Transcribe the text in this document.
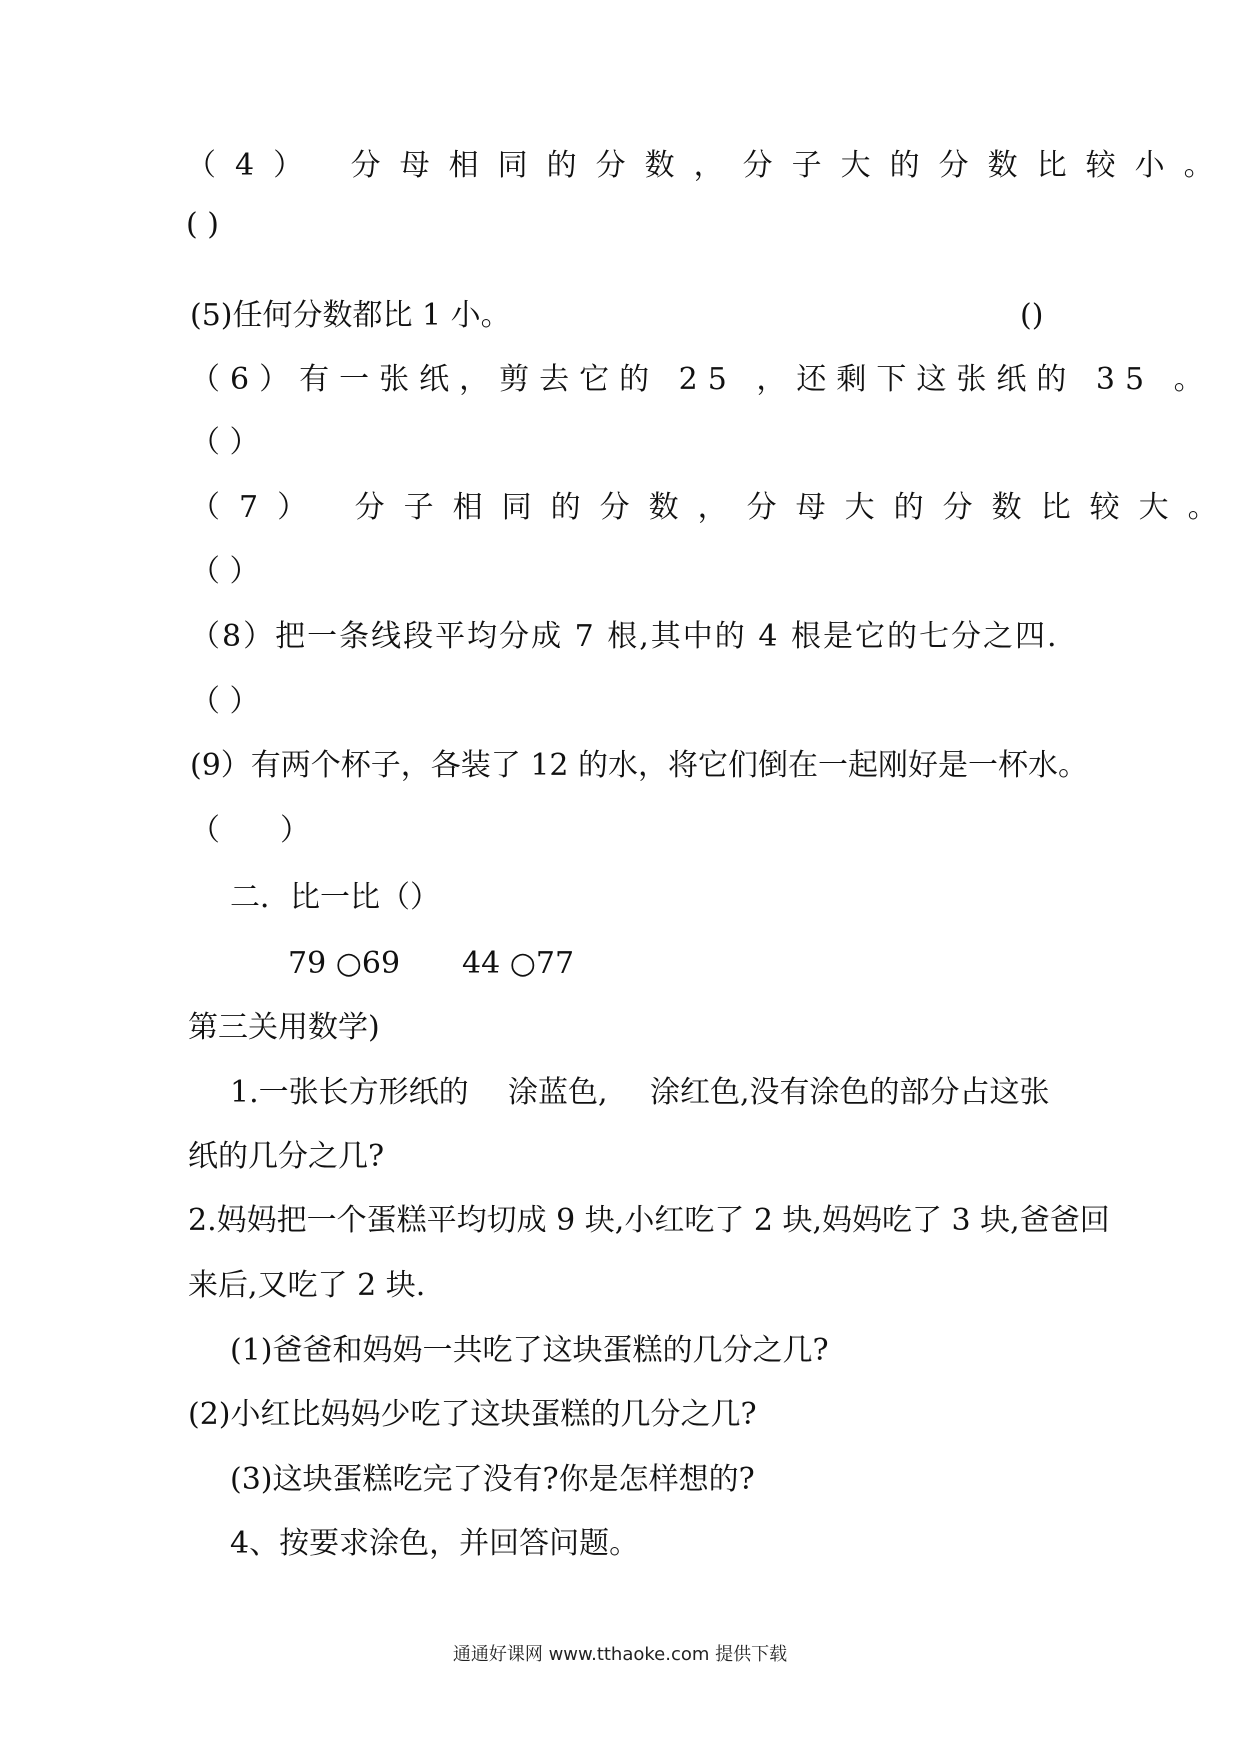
（4） 分母相同的分数，分子大的分数比较小。
( )
(5)任何分数都比 1 小。	()
（6）有一张纸，剪去它的 25 ，还剩下这张纸的 35 。
（ ）
（7） 分子相同的分数，分母大的分数比较大。
（ ）
（8）把一条线段平均分成 7 根,其中的 4 根是它的七分之四.
（ ）
(9）有两个杯子，各装了 12 的水，将它们倒在一起刚好是一杯水。
（　　）
二．比一比（）
79 ○69 44 ○77
第三关用数学)
1.一张长方形纸的 涂蓝色, 涂红色,没有涂色的部分占这张
纸的几分之几?
2.妈妈把一个蛋糕平均切成 9 块,小红吃了 2 块,妈妈吃了 3 块,爸爸回
来后,又吃了 2 块.
(1)爸爸和妈妈一共吃了这块蛋糕的几分之几?
(2)小红比妈妈少吃了这块蛋糕的几分之几?
(3)这块蛋糕吃完了没有?你是怎样想的?
4、按要求涂色，并回答问题。
通通好课网 www.tthaoke.com 提供下载
